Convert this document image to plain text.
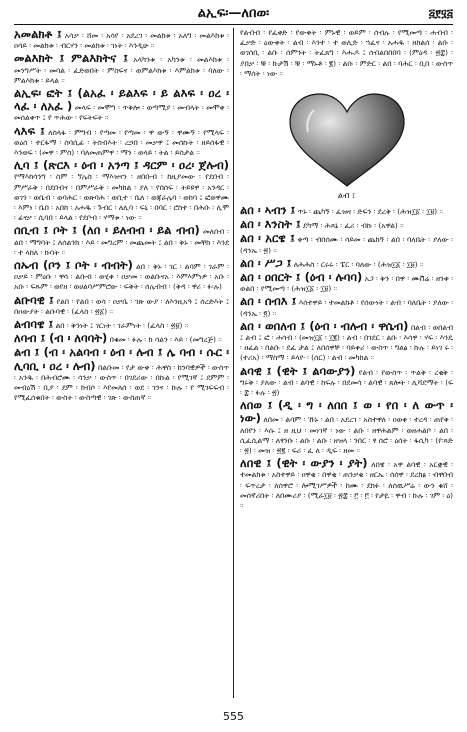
ልኢፍ፡—ለበወ፡	፭፻፶፭

አመልክቶ ፤ አሳቃ ፡ ሸመ ፡ አሳየ ፡ አደረገ ፡ መልክቱ ፡ አለግ ፡ መልእክቱ ፡ ዐሳይ ፡ መልክቱ ፡ ብርሃን ፡ መልክቱ ፡ ገነት ፡ እንዲሁ ።

መልእክት ፤ ምልእክትና ፤ አላካንቱ ፡ አካንቱ ፡ መልእክቱ ፡ መንግሥት ፡ መባል ፡ ፈድወበት ፡ ምስፍና ፡ ወምልእክቱ ፡ እምልክቱ ፡ ባለው ፡ ምልእክቱ ፡ ይላል ።

ልኢፍ፡ ፎት ፤ (ልአፈ ፡ ይልእፍ ፡ ይ ልእፍ ፡ ዐረ ፡ ላፈ ፡ ለአፈ ) መላፍ ፡ መሞግ ፡ ጥቅሎ ፡ ወጣሚያ ፡ መብላት ፡ መሞቀ ፡ መሰልቀጥ ፤ የ ጥሕው ፡ የፍትፍት ።

ላእፍ ፤ ለስላፋ ፡ ምግብ ፡ የጣመ ፡ የጣመ ፡ ዋ ውኝ ፡ ዋሙኝ ፡ የሚላፍ ፡ ወዕሰ ፡ ተርፋማ ፡ ሰባሲፊ ፡ ትስብእት ፡ ረኃበ ፡ መቃዋ ፤ መሰኩት ፡ ዘይሰፋዊ ፡ እንወፍ ፡ (መዋ ፡ ምስ) ፡ ባለመጠምዋ ፡ ማን ፡ ወላይ ፡ ትል ፡ ይስታል ።

ሊባ ፤ (ጽርእ ፡ ዕብ ፡ አንጣ ፤ ዳርም ፡ ዐረ፡ ጀሉብ) የማእከሳንግ ፡ ስም ፡ ኘሌስ ፡ ማእዝናን ፡ ዘበቡብ ፡ ከዚያመው ፡ የደበብ ፡ ምሥራቅ ፡ በደበብና ፡ በምሥራቅ ፡ መካከል ፡ ያለ ፡ የበሰፍ ፡ ትይዩዋ ፡ አንዳር ፡ ወገን ፡ ወቤብ ፡ ወባሕር ፡ ወጽባሕ ፡ ወቢተ ፡ ቤለ ፡ ወጃራሌባ ፡ ወከባ ፤ ፎወዋሙ ፡ እምነ ፡ ቤበ ፡ አበከ ፡ አሐዱ ፡ ጉብር ፡ ለሊባ ፡ ፍኒ ፡ በባር ፡ ሮስተ ፡ በሕቡ ፡ ሊሞ ፡ ፊናቃ ፡ ሲባበ ፡ ይላል ፡ የደቦብ ፡ ሃማቱ ፡ ነው ።

ሰቢብ ፤ ቦት ፤ (ለበ ፡ ይለብብ ፡ ይል ብብ) መለበብ ፡ ልበ ፡ ማግባት ፤ ለሰልንክ ፡ እይ ፡ መግረም ፡ መጨመት ፤ ልበ ፡ ቅኑ ፡ መቸክ ፡ እንደ ፡ ተ ላከለ ፡ ኩባት ።

ሰኡብ (ቦን ፤ ቦት ፡ ብብት) ልበ ፡ ቅኑ ፡ ገር ፡ ልባም ፡ ገራም ፡ ዐቃይ ፡ ምዕቡ ፡ ዋሳ ፡ ልቡብ ፡ ወሂቀ ፡ ዐቃመ ፡ ወልቡናአ ፡ እምእምነዎ ፡ አቡ ፡ አቡ ፡ ፍጹም ፡ ወየዘ ፡ ወሀልባሥምሮው ፡ ፍቅት ፡ ሰሌብብ ፡ (ቅዳ ፡ ዋሪ ፡ ፉ፡ሉ)

ልቡባዊ ፤ የልበ ፡ የልበ ፡ ወሳ ፡ ዐቃቤ ፡ ገጽ ውያ ፡ ለእንዚአዓ ፤ ሰረድእት ፤ በዐውያት ፡ ልቡባዊ ፡ (ፈላስ ፡ ፳፩) ።

ልብባዌ ፤ ልበ ፡ ቅንነት ፤ ገርነት ፡ ገራምነት ፡ (ፈላስ ፡ ፳፱) ።

ለባብ ፤ (ብ ፡ ለባባት) በቁመ ፡ ፉሉ ፡ ከ ሳልን ፡ እይ ፡ (መግረጅ) ።

ልብ ፤ (ብ ፡ አልባብ ፡ ዕብ ፡ ሉብ ፤ ሌ ባብ ፡ ሱር ፡ ሊባቢ ፡ ዐረ ፡ ሉብ) በልቡመ ፡ የታ ውቀ ፡ ሕዋስ ፡ ከንባዊዎች ፡ ውስጥ ፡ አንዱ ፡ በሕብሮሙ ፡ ሳንቃ ፡ ውስጥ ፡ በገደሪው ፡ በኩል ፡ የሚገኛ ፤ ደምም ፡ መብዕሽ ፡ ቢያ ፡ ደም ፡ ክብሶ ፡ እየመለሰ ፡ ወደ ፡ ገንና ፡ ኩሉ ፡ የ ሚገፍፍብ ፡ የሚፈሰቁበት ፡ ውስት ፡ ውስጣዊ ፡ ገጽ ፡ ውስጠኛ ።

የልብብ ፡ የፈቀድ ፡ የውቀት ፡ ምኑዊ ፡ ወይም ፡ ሰብሉ ፡ የሚመጣ ፡ ሐብብ ፡ ፈቃድ ፡ ዕውቀት ፡ ልብ ፡ እንተ ፡ ተ ወሊድ ፡ ኀፈና ፡ አሐዱ ፡ ዘከልሰ ፡ ልቡ ፡ ወገሰቢ ፡ ልቡ ፡ ሰምንት ፡ ትፈጸግ ፡ እሑዶ ፤ ሰብልበበበባ ፡ (ምዕዳ ፡ ፳፰) ፡ ያበቃ ፡ ቹ ፡ ኩታሽ ፡ ቹ ፡ ማኑቶ ፡ ፪) ፡ ልቡ ፡ ምድር ፡ ልበ ፡ ባሕር ፡ ቢበ ፡ ውስጥ ፡ ማሰት ፡ ነው ።

ልብ ፤

ልበ ፡ ኣብን ፤ ጥኑ ፡ ጨካኝ ፡ ፈዝዛ ፡ ድፍን ፡ ደረቅ ፡ (ሕዝ፲፩ ፡ ፲፱) ።

ልበ ፡ እንስት ፤ ደካማ ፡ ሕጻኔ ፡ ፈሪ ፡ ብኩ ፡ (አዋል) ።

ልበ ፡ አርዌ ፤ ቀጣ ፡ ብበሰሙ ፡ ሳይመ ፡ ጨክኝ ፡ ልበ ፡ ባለቤት ፡ ያለው ፡ (ዳንኤ ፡ ፳) ።

ልበ ፡ ሥጋ ፤ ለሕሕስ ፡ ርሩሩ ፡ ፔር ፡ ባለው ፡ (ሕዝ፲፩ ፡ ፲፱) ።

ልበ ፡ ዐበርት ፤ (ዕብ ፡ ሉባባ) አጋ ፡ ቅን ፡ በዋ ፡ ሙቨሬ ፡ ዘንቀ ፡ ወልበ ፡ የሚመጣ ፡ (ሕዝ፲፩ ፡ ፲፱) ።

ልበ ፡ ሰብእ ፤ እሰተዋይ ፡ ተመልክቶ ፡ የሰውነት ፡ ልብ ፡ ባለቤት ፡ ያለው ፡ (ዳንኤ ፡ ፬) ።

ልበ ፡ ወበለብ ፤ (ዕብ ፡ ብሉብ ፡ ዋሴብ) በልብ ፡ ወበልብ ፤ ልብ ፤ ፎ ፡ ሐሳብ ፡ (መዝ፲፩ ፡ ፲፪) ፡ ልብ ፡ በገደር ፡ ልቡ ፡ እሳዋ ፡ ሃፍ ፡ እንዴ ፡ ዘፈል ፡ በልቡ ፡ ደፈ ታል ፤ ለበሰዋቸ ፡ ባይቀሪ ፡ ውስጥ ፡ ግልፅ ፡ ኩሉ ፡ ይነገ ሩ ፡ (ተሪአ) ፡ ማስማ ፡ ይላዮ ፡ (ሰር) ፡ ልብ ፡ መካከል ።

ልባዊ ፤ (ዊት ፤ ልባውያን) የልብ ፡ የውስጥ ፡ ጥልቅ ፡ ረቂቅ ፡ ግሩቅ ፡ ያለው ፡ ልብ ፡ ልባዊ ፡ ከፍሉ ፡ በደመሳ ፡ ልባዊ ፡ ጸሎት ፡ ሊሻደማት ፡ (ፍ ፡ ፰ ፡ ፉሉ ፡ ፳)

ለበወ ፤ (ዲ ፡ ግ ፡ ለበበ ፤ ወ ፡ የበ ፡ ለ ውጥ ፡ ነው) ለበመ ፡ ልባም ፡ ኹኑ ፡ ልበ ፡ አደረገ ፡ አስተዋለ ፡ ዐወቀ ፡ ተረዳ ፡ ጠየቀ ፡ ለበየን ፡ እሱ ፤ ዘ ዚህ ፡ መነገኛ ፡ ነው ፡ ልቡ ፡ ዘዋሕልም ፡ ወዘሐልቦ ፡ ልበ ፡ ሲፈሲልማ ፡ ለፃንቡ ፡ ልቡ ፡ ልቡ ፡ ዘዝላ ፡ ንበር ፡ ፃ ሰሮ ፡ ዕሰት ፡ ፋሲካ ፡ (የ፡ጻድ ፡ ፳) ፡ መዝ ፡ ፳፪ ፡ ፍሪ ፡ ፈ ለ ፡ ዲፍ ፡ ዘመ ።

ለበዊ ፤ (ዊት ፡ ውያን ፡ ያት) ለበዌ ፡ አዋ ልባዊ ፡ አርቋዊ ፡ ተመልክቱ ፡ አስተዋይ ፡ ዐዋቂ ፡ በዋቂ ፡ ጠንቃቂ ፡ ዘርኤ ፡ ሰሰዋ ፡ ደረክፅ ፡ ብዋበብ ፡ ፍጥረታ ፡ ለሰዋሮ ፡ ሎሚገሥዎች ፡ ከሙ ፡ ደክፉ ፡ ለሰዉሥሬ ፡ ውን ቁሸ ፡ መሰኛሪበት ፡ ለበሙሪያ ፡ (ሚራ፲፱ ፡ ፳፰ ፡ ፫ ፡ ፫ ፡ የታዬ ፡ ዋብ ፡ ኩሉ ፡ ገም ፡ ዕ) ።

555
